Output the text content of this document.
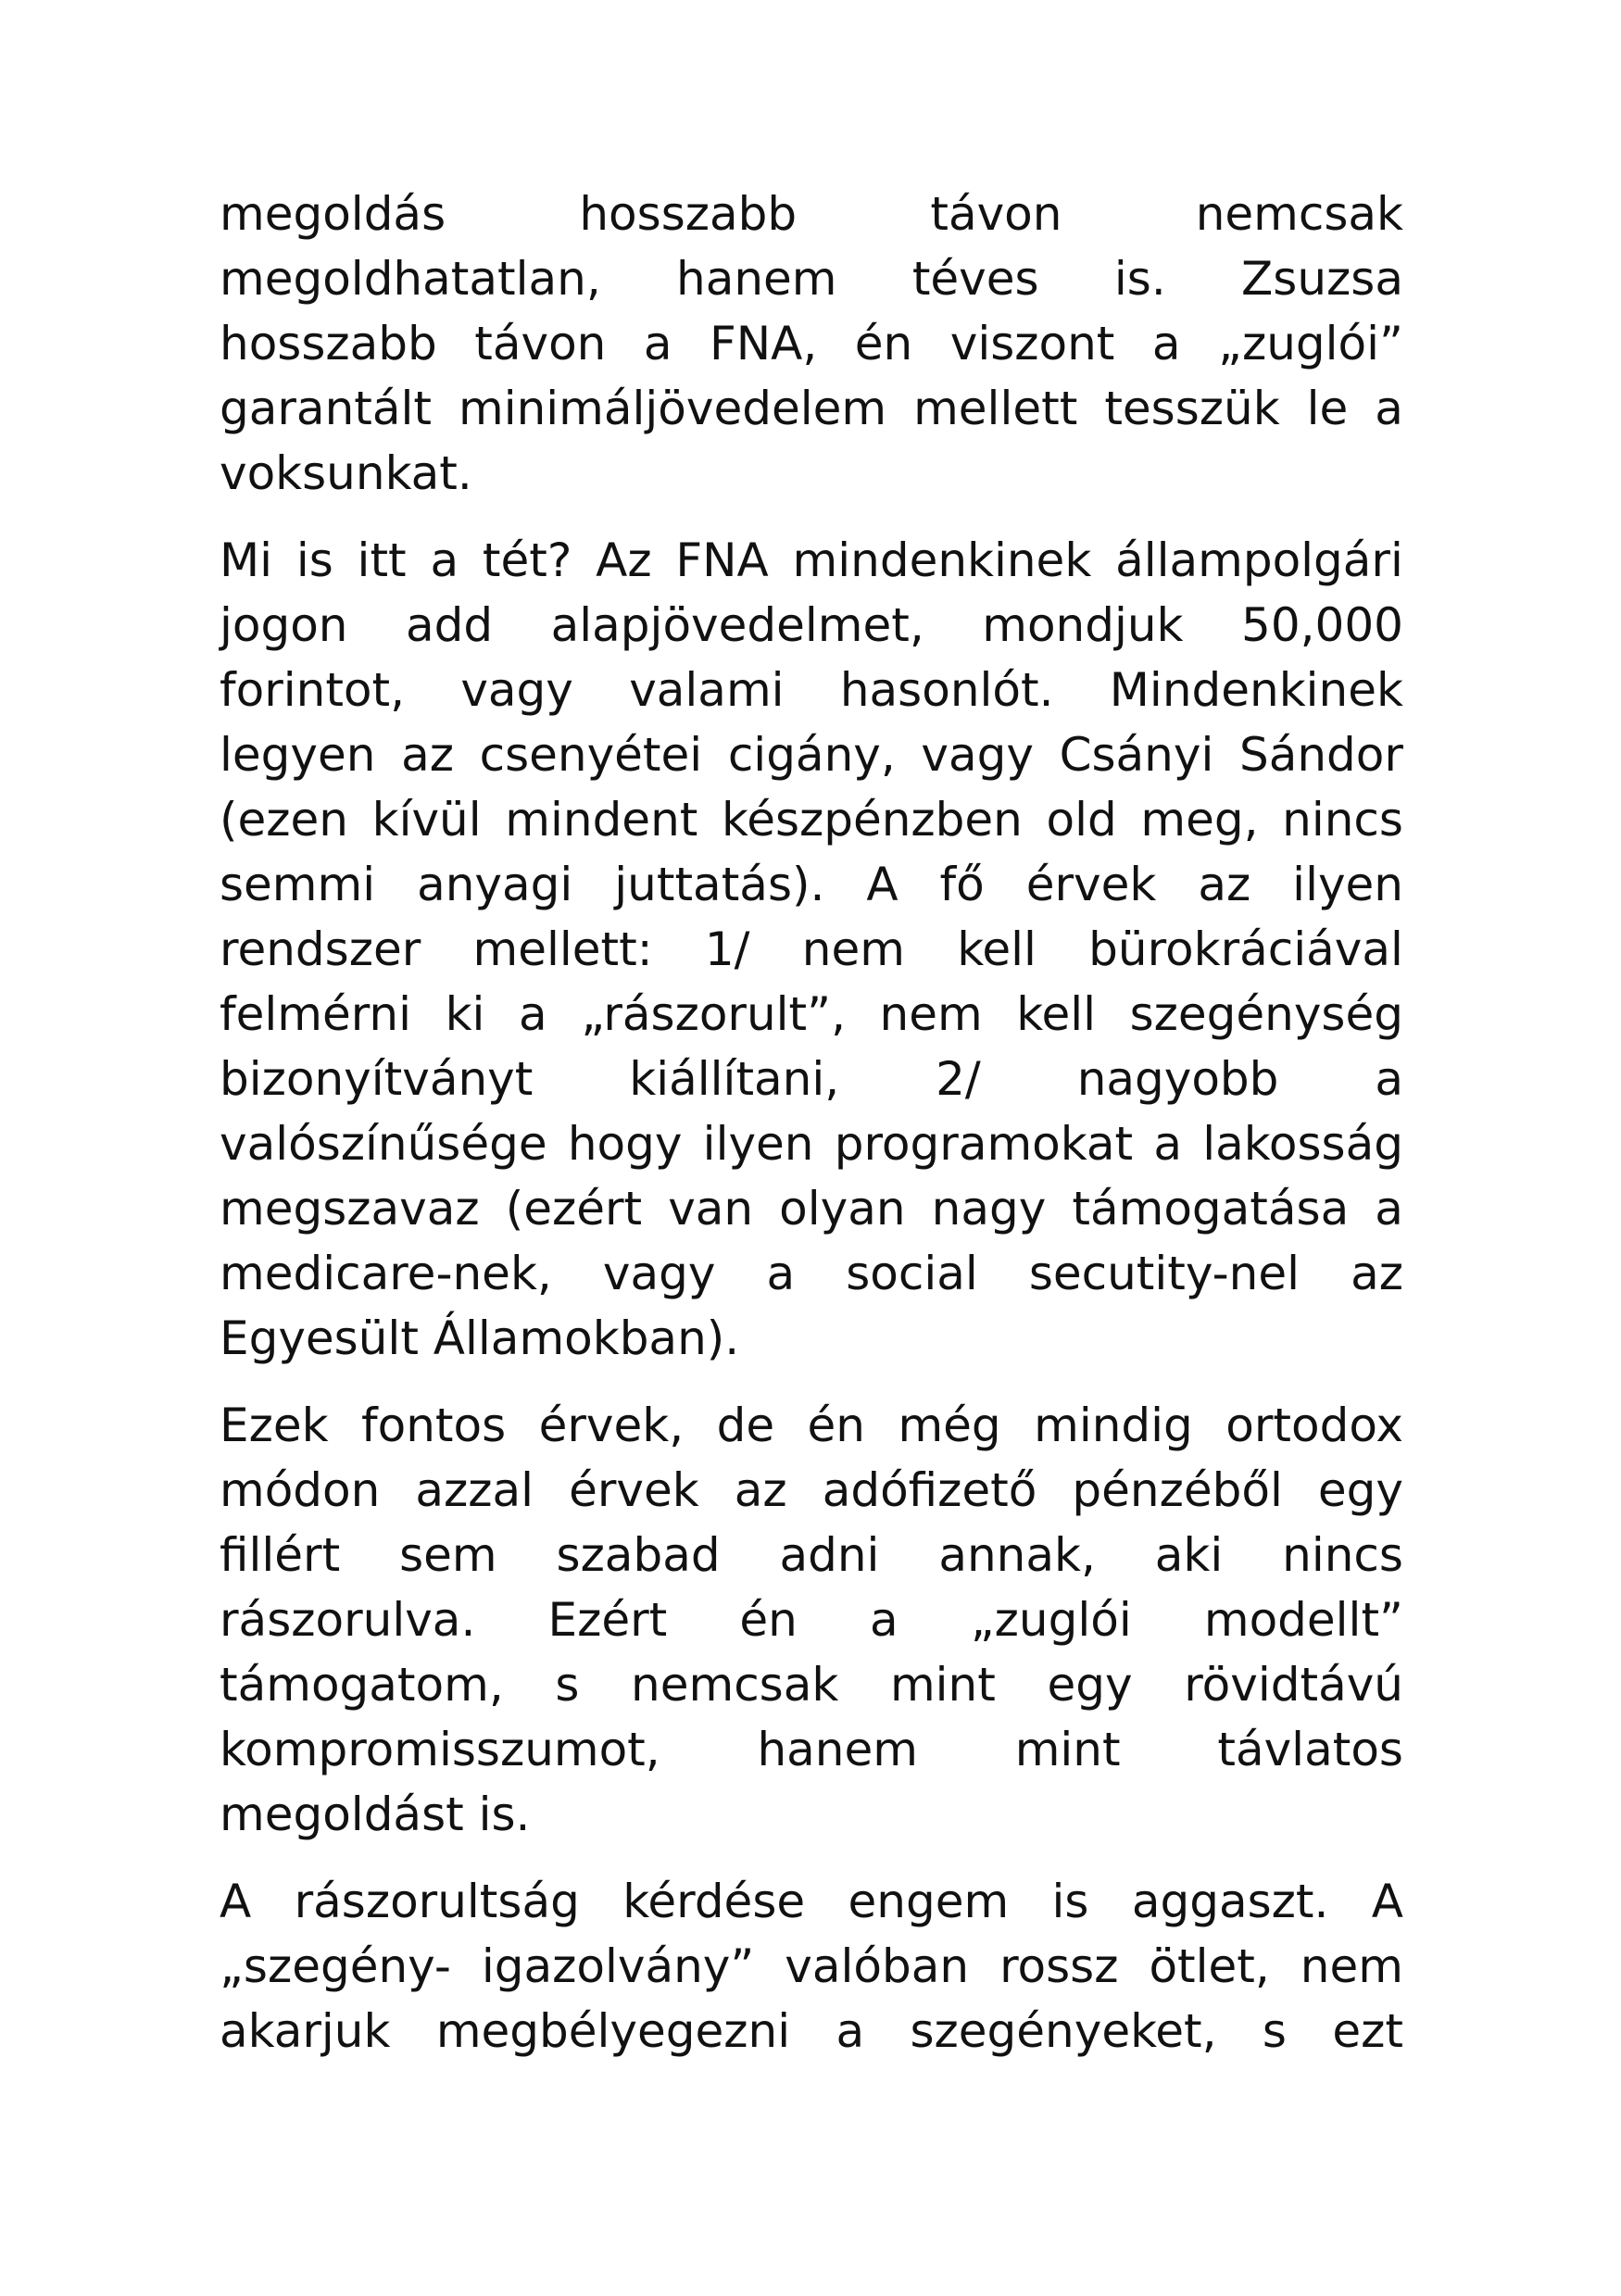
megoldás	hosszabb	távon	nemcsak
megoldhatatlan, hanem téves is. Zsuzsa
hosszabb távon a FNA, én viszont a „zuglói”
garantált minimáljövedelem mellett tesszük le a
voksunkat.
Mi is itt a tét? Az FNA mindenkinek állampolgári
jogon add alapjövedelmet, mondjuk 50,000
forintot, vagy valami hasonlót. Mindenkinek
legyen az csenyétei cigány, vagy Csányi Sándor
(ezen kívül mindent készpénzben old meg, nincs
semmi anyagi juttatás). A fő érvek az ilyen
rendszer mellett: 1/ nem kell bürokráciával
felmérni ki a „rászorult”, nem kell szegénység
bizonyítványt kiállítani, 2/ nagyobb a
valószínűsége hogy ilyen programokat a lakosság
megszavaz (ezért van olyan nagy támogatása a
medicare-nek, vagy a social secutity-nel az
Egyesült Államokban).
Ezek fontos érvek, de én még mindig ortodox
módon azzal érvek az adófizető pénzéből egy
fillért sem szabad adni annak, aki nincs
rászorulva. Ezért én a „zuglói modellt”
támogatom, s nemcsak mint egy rövidtávú
kompromisszumot, hanem mint távlatos
megoldást is.
A rászorultság kérdése engem is aggaszt. A
„szegény- igazolvány” valóban rossz ötlet, nem
akarjuk megbélyegezni a szegényeket, s ezt
